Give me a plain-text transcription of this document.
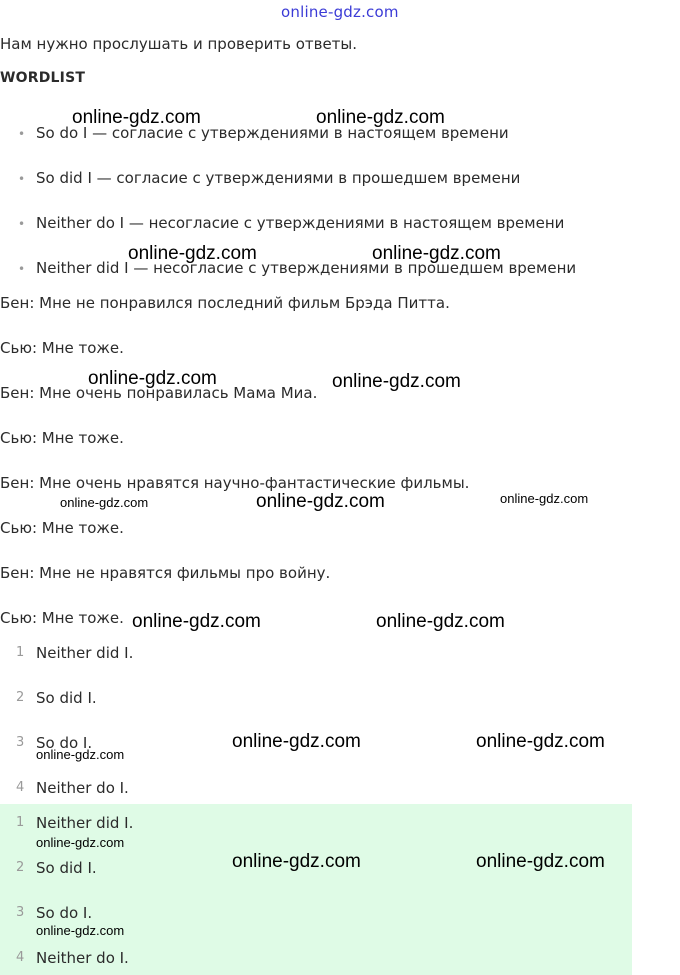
online-gdz.com
Нам нужно прослушать и проверить ответы.
WORDLIST
• So do I — согласие с утверждениями в настоящем времени
• So did I — согласие с утверждениями в прошедшем времени
• Neither do I — несогласие с утверждениями в настоящем времени
• Neither did I — несогласие с утверждениями в прошедшем времени
Бен: Мне не понравился последний фильм Брэда Питта.
Сью: Мне тоже.
Бен: Мне очень понравилась Мама Миа.
Сью: Мне тоже.
Бен: Мне очень нравятся научно-фантастические фильмы.
Сью: Мне тоже.
Бен: Мне не нравятся фильмы про войну.
Сью: Мне тоже.
1 Neither did I.
2 So did I.
3 So do I.
4 Neither do I.
1 Neither did I.
2 So did I.
3 So do I.
4 Neither do I.
online-gdz.com	online-gdz.com
online-gdz.com	online-gdz.com
online-gdz.com	online-gdz.com
online-gdz.com	online-gdz.com	online-gdz.com
online-gdz.com	online-gdz.com
online-gdz.com
online-gdz.com	online-gdz.com
online-gdz.com
online-gdz.com	online-gdz.com
online-gdz.com
